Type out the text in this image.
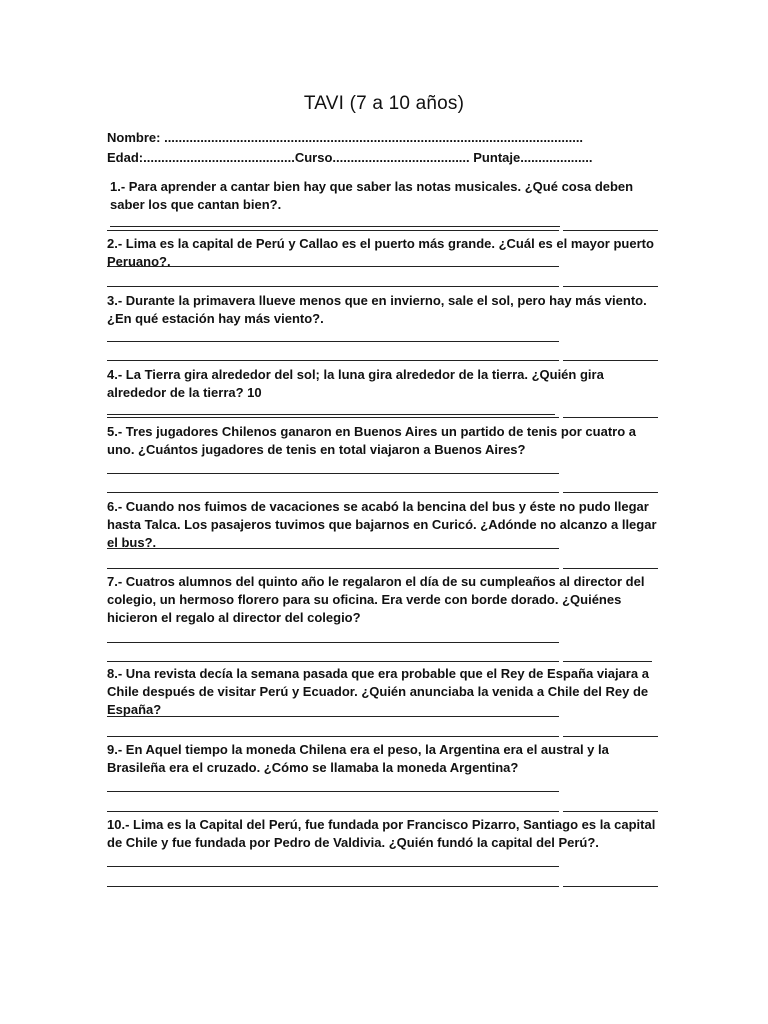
TAVI (7 a 10 años)
Nombre: ....................................................................................................................
Edad:..........................................Curso...................................... Puntaje....................

1.- Para aprender a cantar bien hay que saber las notas musicales. ¿Qué cosa deben saber los que cantan bien?.

2.- Lima es la capital de Perú y Callao es el puerto más grande. ¿Cuál es el mayor puerto Peruano?.

3.- Durante la primavera llueve menos que en invierno, sale el sol, pero hay más viento. ¿En qué estación hay más viento?.

4.- La Tierra gira alrededor del sol; la luna gira alrededor de la tierra. ¿Quién gira alrededor de la tierra? 10

5.- Tres jugadores Chilenos ganaron en Buenos Aires un partido de tenis por cuatro a uno. ¿Cuántos jugadores de tenis en total viajaron a Buenos Aires?

6.- Cuando nos fuimos de vacaciones se acabó la bencina del bus y éste no pudo llegar hasta Talca. Los pasajeros tuvimos que bajarnos en Curicó. ¿Adónde no alcanzo a llegar el bus?.

7.- Cuatros alumnos del quinto año le regalaron el día de su cumpleaños al director del colegio, un hermoso florero para su oficina. Era verde con borde dorado. ¿Quiénes hicieron el regalo al director del colegio?

8.- Una revista decía la semana pasada que era probable que el Rey de España viajara a Chile después de visitar Perú y Ecuador. ¿Quién anunciaba la venida a Chile del Rey de España?

9.- En Aquel tiempo la moneda Chilena era el peso, la Argentina era el austral y la Brasileña era el cruzado. ¿Cómo se llamaba la moneda Argentina?

10.- Lima es la Capital del Perú, fue fundada por Francisco Pizarro, Santiago es la capital de Chile y fue fundada por Pedro de Valdivia. ¿Quién fundó la capital del Perú?.
